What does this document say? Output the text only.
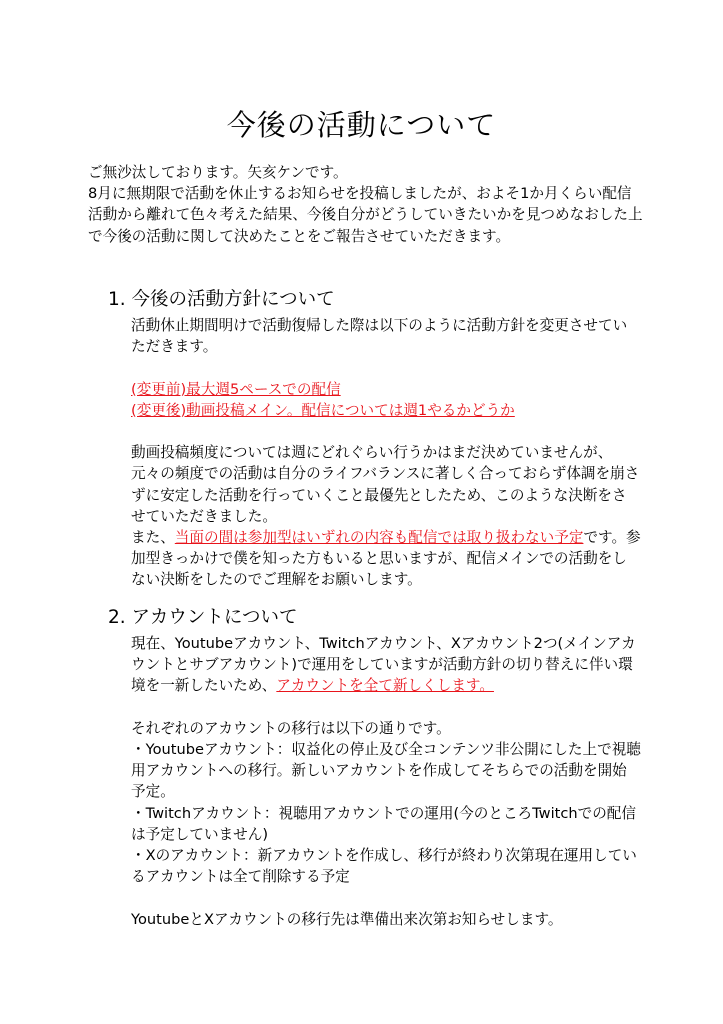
今後の活動について

ご無沙汰しております。矢亥ケンです。

8月に無期限で活動を休止するお知らせを投稿しましたが、およそ1か月くらい配信活動から離れて色々考えた結果、今後自分がどうしていきたいかを見つめなおした上で今後の活動に関して決めたことをご報告させていただきます。

1. 今後の活動方針について

活動休止期間明けで活動復帰した際は以下のように活動方針を変更させていただきます。

(変更前)最大週5ペースでの配信

(変更後)動画投稿メイン。配信については週1やるかどうか

動画投稿頻度については週にどれぐらい行うかはまだ決めていませんが、元々の頻度での活動は自分のライフバランスに著しく合っておらず体調を崩さずに安定した活動を行っていくこと最優先としたため、このような決断をさせていただきました。

また、当面の間は参加型はいずれの内容も配信では取り扱わない予定です。参加型きっかけで僕を知った方もいると思いますが、配信メインでの活動をしない決断をしたのでご理解をお願いします。

2. アカウントについて

現在、Youtubeアカウント、Twitchアカウント、Xアカウント2つ(メインアカウントとサブアカウント)で運用をしていますが活動方針の切り替えに伴い環境を一新したいため、アカウントを全て新しくします。

それぞれのアカウントの移行は以下の通りです。

・Youtubeアカウント：収益化の停止及び全コンテンツ非公開にした上で視聴用アカウントへの移行。新しいアカウントを作成してそちらでの活動を開始予定。

・Twitchアカウント：視聴用アカウントでの運用(今のところTwitchでの配信は予定していません)

・Xのアカウント：新アカウントを作成し、移行が終わり次第現在運用しているアカウントは全て削除する予定

YoutubeとXアカウントの移行先は準備出来次第お知らせします。
